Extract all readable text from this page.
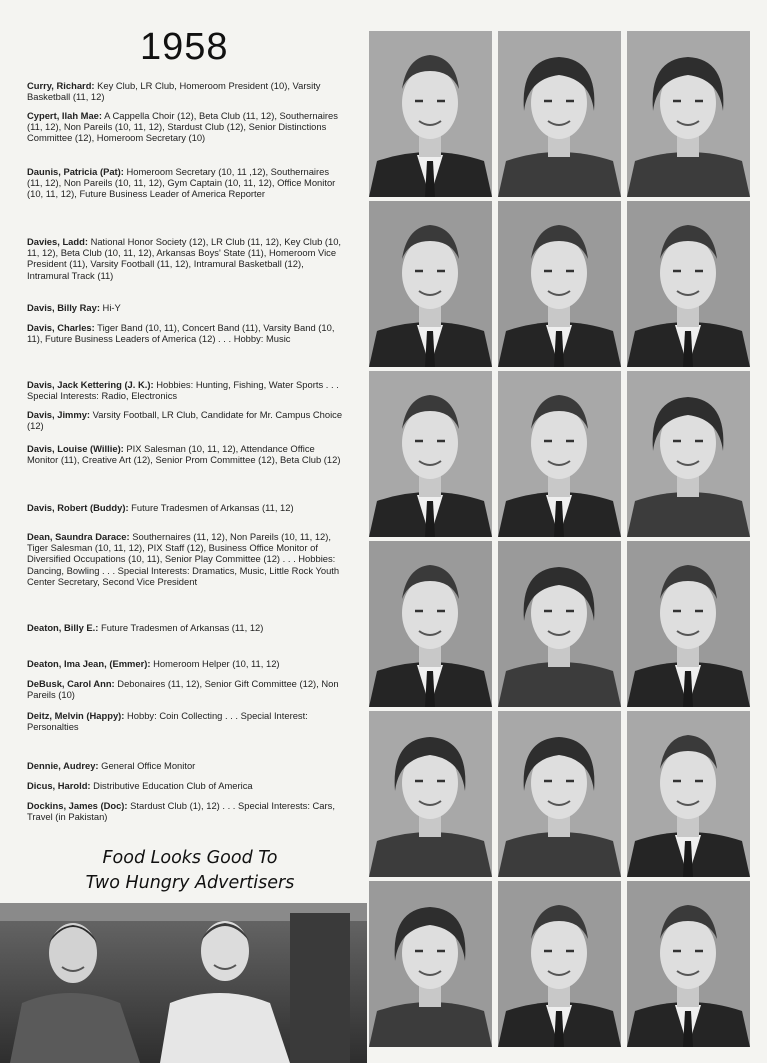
1958
Curry, Richard: Key Club, LR Club, Homeroom President (10), Varsity Basketball (11, 12)
Cypert, Ilah Mae: A Cappella Choir (12), Beta Club (11, 12), Southernaires (11, 12), Non Pareils (10, 11, 12), Stardust Club (12), Senior Distinctions Committee (12), Homeroom Secretary (10)
Daunis, Patricia (Pat): Homeroom Secretary (10, 11 ,12), Southernaires (11, 12), Non Pareils (10, 11, 12), Gym Captain (10, 11, 12), Office Monitor (10, 11, 12), Future Business Leader of America Reporter
Davies, Ladd: National Honor Society (12), LR Club (11, 12), Key Club (10, 11, 12), Beta Club (10, 11, 12), Arkansas Boys' State (11), Homeroom Vice President (11), Varsity Football (11, 12), Intramural Basketball (12), Intramural Track (11)
Davis, Billy Ray: Hi-Y
Davis, Charles: Tiger Band (10, 11), Concert Band (11), Varsity Band (10, 11), Future Business Leaders of America (12) . . . Hobby: Music
Davis, Jack Kettering (J. K.): Hobbies: Hunting, Fishing, Water Sports . . . Special Interests: Radio, Electronics
Davis, Jimmy: Varsity Football, LR Club, Candidate for Mr. Campus Choice (12)
Davis, Louise (Willie): PIX Salesman (10, 11, 12), Attendance Office Monitor (11), Creative Art (12), Senior Prom Committee (12), Beta Club (12)
Davis, Robert (Buddy): Future Tradesmen of Arkansas (11, 12)
Dean, Saundra Darace: Southernaires (11, 12), Non Pareils (10, 11, 12), Tiger Salesman (10, 11, 12), PIX Staff (12), Business Office Monitor of Diversified Occupations (10, 11), Senior Play Committee (12) . . . Hobbies: Dancing, Bowling . . . Special Interests: Dramatics, Music, Little Rock Youth Center Secretary, Second Vice President
Deaton, Billy E.: Future Tradesmen of Arkansas (11, 12)
Deaton, Ima Jean, (Emmer): Homeroom Helper (10, 11, 12)
DeBusk, Carol Ann: Debonaires (11, 12), Senior Gift Committee (12), Non Pareils (10)
Deitz, Melvin (Happy): Hobby: Coin Collecting . . . Special Interest: Personalties
Dennie, Audrey: General Office Monitor
Dicus, Harold: Distributive Education Club of America
Dockins, James (Doc): Stardust Club (1), 12) . . . Special Interests: Cars, Travel (in Pakistan)
Food Looks Good To
Two Hungry Advertisers
